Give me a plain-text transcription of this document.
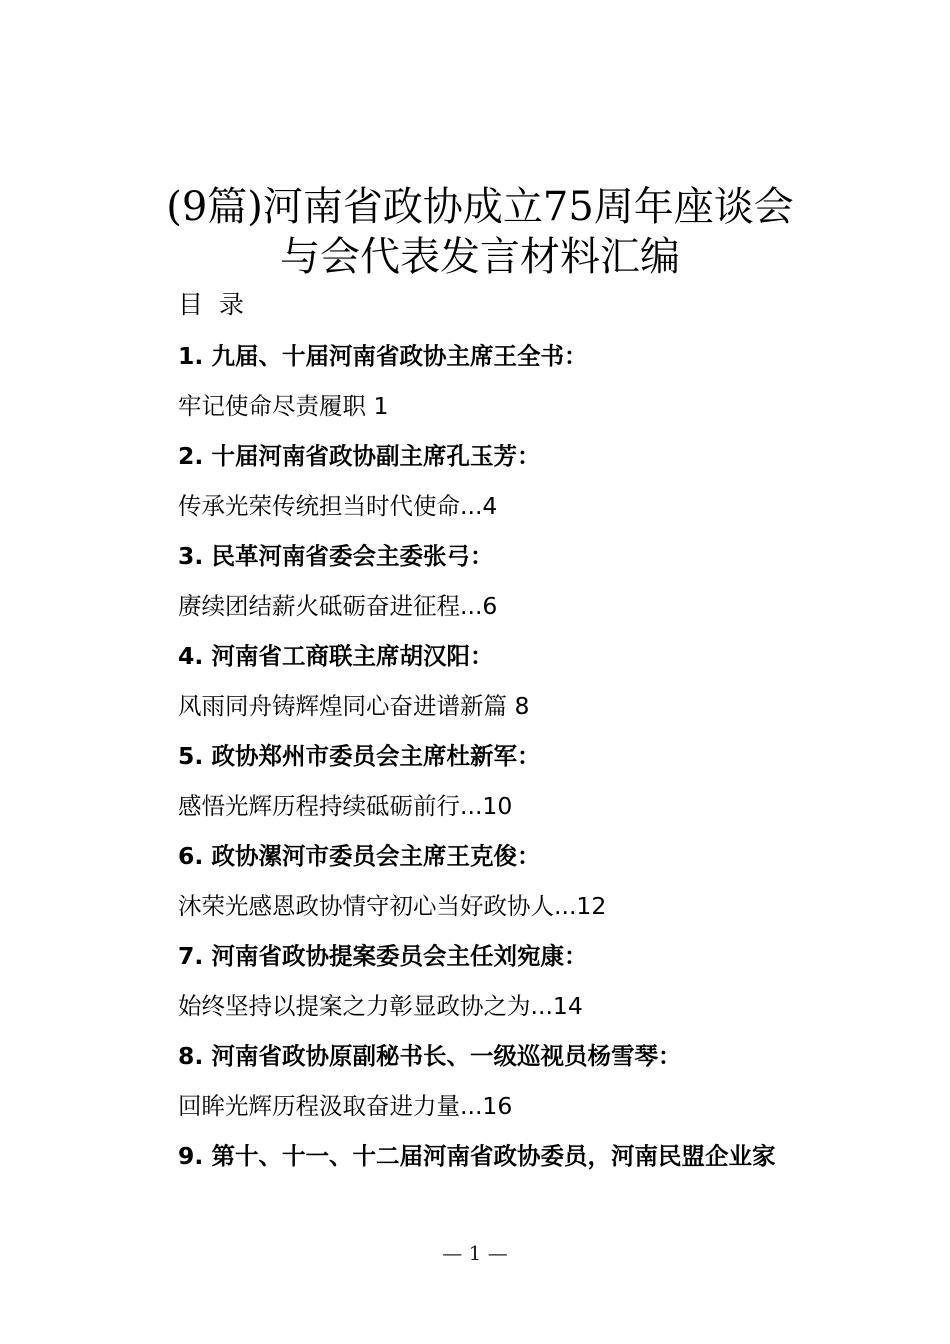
(9篇)河南省政协成立75周年座谈会
与会代表发言材料汇编
目 录
1. 九届、十届河南省政协主席王全书：
牢记使命尽责履职 1
2. 十届河南省政协副主席孔玉芳：
传承光荣传统担当时代使命...4
3. 民革河南省委会主委张弓：
赓续团结薪火砥砺奋进征程...6
4. 河南省工商联主席胡汉阳：
风雨同舟铸辉煌同心奋进谱新篇 8
5. 政协郑州市委员会主席杜新军：
感悟光辉历程持续砥砺前行...10
6. 政协漯河市委员会主席王克俊：
沐荣光感恩政协情守初心当好政协人...12
7. 河南省政协提案委员会主任刘宛康：
始终坚持以提案之力彰显政协之为...14
8. 河南省政协原副秘书长、一级巡视员杨雪琴：
回眸光辉历程汲取奋进力量...16
9. 第十、十一、十二届河南省政协委员，河南民盟企业家
— 1 —
